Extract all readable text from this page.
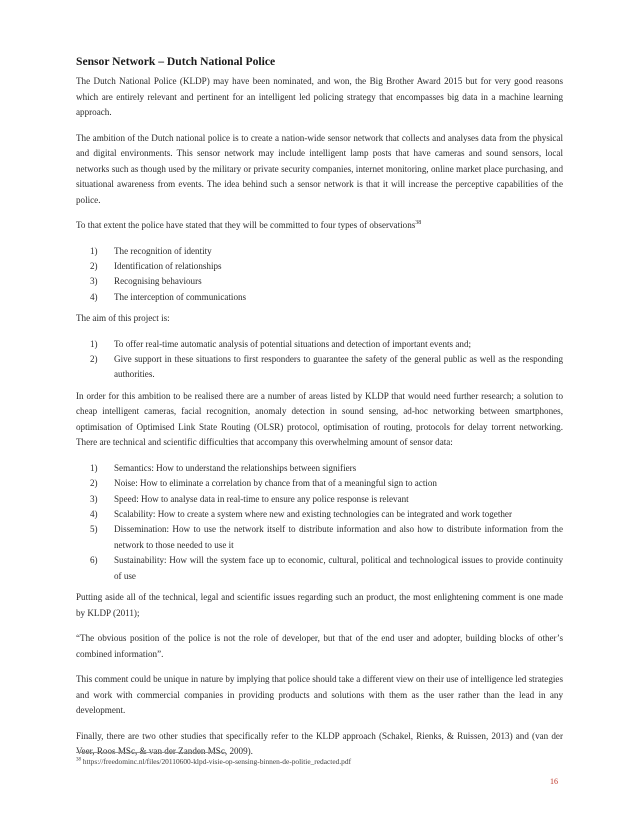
Sensor Network – Dutch National Police

The Dutch National Police (KLDP) may have been nominated, and won, the Big Brother Award 2015 but for very good reasons which are entirely relevant and pertinent for an intelligent led policing strategy that encompasses big data in a machine learning approach.

The ambition of the Dutch national police is to create a nation-wide sensor network that collects and analyses data from the physical and digital environments. This sensor network may include intelligent lamp posts that have cameras and sound sensors, local networks such as though used by the military or private security companies, internet monitoring, online market place purchasing, and situational awareness from events. The idea behind such a sensor network is that it will increase the perceptive capabilities of the police.

To that extent the police have stated that they will be committed to four types of observations$^{38}$

1) The recognition of identity
2) Identification of relationships
3) Recognising behaviours
4) The interception of communications

The aim of this project is:

1) To offer real-time automatic analysis of potential situations and detection of important events and;
2) Give support in these situations to first responders to guarantee the safety of the general public as well as the responding authorities.

In order for this ambition to be realised there are a number of areas listed by KLDP that would need further research; a solution to cheap intelligent cameras, facial recognition, anomaly detection in sound sensing, ad-hoc networking between smartphones, optimisation of Optimised Link State Routing (OLSR) protocol, optimisation of routing, protocols for delay torrent networking. There are technical and scientific difficulties that accompany this overwhelming amount of sensor data:

1) Semantics: How to understand the relationships between signifiers
2) Noise: How to eliminate a correlation by chance from that of a meaningful sign to action
3) Speed: How to analyse data in real-time to ensure any police response is relevant
4) Scalability: How to create a system where new and existing technologies can be integrated and work together
5) Dissemination: How to use the network itself to distribute information and also how to distribute information from the network to those needed to use it
6) Sustainability: How will the system face up to economic, cultural, political and technological issues to provide continuity of use

Putting aside all of the technical, legal and scientific issues regarding such an product, the most enlightening comment is one made by KLDP (2011);

“The obvious position of the police is not the role of developer, but that of the end user and adopter, building blocks of other’s combined information”.

This comment could be unique in nature by implying that police should take a different view on their use of intelligence led strategies and work with commercial companies in providing products and solutions with them as the user rather than the lead in any development.

Finally, there are two other studies that specifically refer to the KLDP approach (Schakel, Rienks, & Ruissen, 2013) and (van der Veer, Roos MSc, & van der Zanden MSc, 2009).

$^{38}$ https://freedominc.nl/files/20110600-klpd-visie-op-sensing-binnen-de-politie_redacted.pdf
16
